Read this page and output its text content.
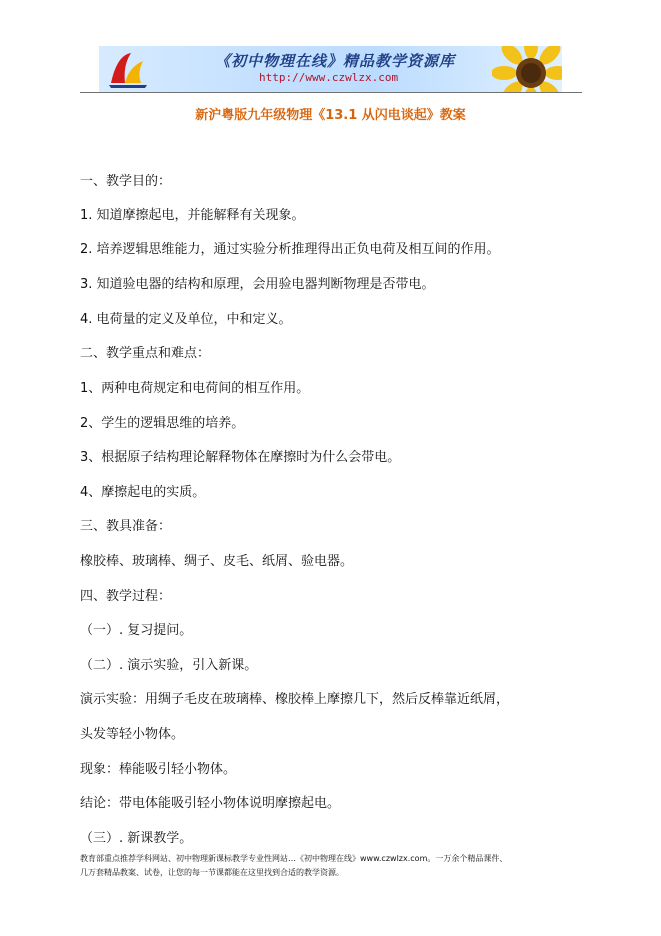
《初中物理在线》精品教学资源库
http://www.czwlzx.com
新沪粤版九年级物理《13.1 从闪电谈起》教案
一、教学目的：
1. 知道摩擦起电，并能解释有关现象。
2. 培养逻辑思维能力，通过实验分析推理得出正负电荷及相互间的作用。
3. 知道验电器的结构和原理，会用验电器判断物理是否带电。
4. 电荷量的定义及单位，中和定义。
二、教学重点和难点：
1、两种电荷规定和电荷间的相互作用。
2、学生的逻辑思维的培养。
3、根据原子结构理论解释物体在摩擦时为什么会带电。
4、摩擦起电的实质。
三、教具准备：
橡胶棒、玻璃棒、绸子、皮毛、纸屑、验电器。
四、教学过程：
（一）. 复习提问。
（二）. 演示实验，引入新课。
演示实验：用绸子毛皮在玻璃棒、橡胶棒上摩擦几下，然后反棒靠近纸屑，
头发等轻小物体。
现象：棒能吸引轻小物体。
结论：带电体能吸引轻小物体说明摩擦起电。
（三）. 新课教学。
教育部重点推荐学科网站、初中物理新课标教学专业性网站…《初中物理在线》www.czwlzx.com。一万余个精品课件、
几万套精品教案、试卷，让您的每一节课都能在这里找到合适的教学资源。
